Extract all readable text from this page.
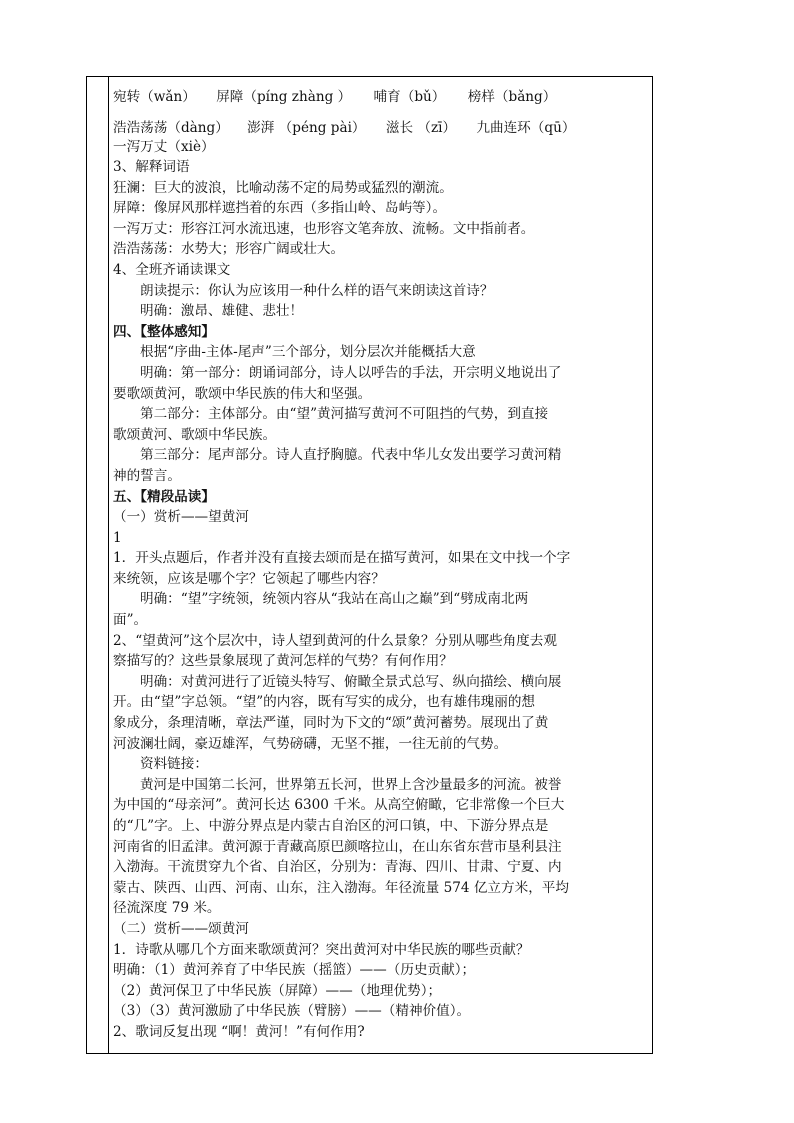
宛转（wǎn） 屏障（píng zhàng ） 哺育（bǔ） 榜样（bǎng）

浩浩荡荡（dàng） 澎湃 （péng pài） 滋长 （zī） 九曲连环（qū）

一泻万丈（xiè）

3、解释词语

狂澜：巨大的波浪，比喻动荡不定的局势或猛烈的潮流。

屏障：像屏风那样遮挡着的东西（多指山岭、岛屿等）。

一泻万丈：形容江河水流迅速，也形容文笔奔放、流畅。文中指前者。

浩浩荡荡：水势大；形容广阔或壮大。

4、全班齐诵读课文

朗读提示：你认为应该用一种什么样的语气来朗读这首诗？

明确：激昂、雄健、悲壮！

四、【整体感知】

根据“序曲-主体-尾声”三个部分，划分层次并能概括大意

明确：第一部分：朗诵词部分，诗人以呼告的手法，开宗明义地说出了

要歌颂黄河，歌颂中华民族的伟大和坚强。

第二部分：主体部分。由“望”黄河描写黄河不可阻挡的气势，到直接

歌颂黄河、歌颂中华民族。

第三部分：尾声部分。诗人直抒胸臆。代表中华儿女发出要学习黄河精

神的誓言。

五、【精段品读】

（一）赏析——望黄河

1

1．开头点题后，作者并没有直接去颂而是在描写黄河，如果在文中找一个字

来统领，应该是哪个字？它领起了哪些内容？

明确：“望”字统领，统领内容从“我站在高山之巅”到“劈成南北两

面”。

2、“望黄河”这个层次中，诗人望到黄河的什么景象？分别从哪些角度去观

察描写的？这些景象展现了黄河怎样的气势？有何作用？

明确：对黄河进行了近镜头特写、俯瞰全景式总写、纵向描绘、横向展

开。由“望”字总领。“望”的内容，既有写实的成分，也有雄伟瑰丽的想

象成分，条理清晰，章法严谨，同时为下文的“颂”黄河蓄势。展现出了黄

河波澜壮阔，豪迈雄浑，气势磅礴，无坚不摧，一往无前的气势。

资料链接：

黄河是中国第二长河，世界第五长河，世界上含沙量最多的河流。被誉

为中国的“母亲河”。黄河长达 6300 千米。从高空俯瞰，它非常像一个巨大

的“几”字。上、中游分界点是内蒙古自治区的河口镇，中、下游分界点是

河南省的旧孟津。黄河源于青藏高原巴颜喀拉山，在山东省东营市垦利县注

入渤海。干流贯穿九个省、自治区，分别为：青海、四川、甘肃、宁夏、内

蒙古、陕西、山西、河南、山东，注入渤海。年径流量 574 亿立方米，平均

径流深度 79 米。

（二）赏析——颂黄河

1．诗歌从哪几个方面来歌颂黄河？突出黄河对中华民族的哪些贡献？

明确：（1）黄河养育了中华民族（摇篮）——（历史贡献）；

（2）黄河保卫了中华民族（屏障）——（地理优势）；

（3）（3）黄河激励了中华民族（臂膀）——（精神价值）。

2、歌词反复出现 “啊！黄河！”有何作用?
